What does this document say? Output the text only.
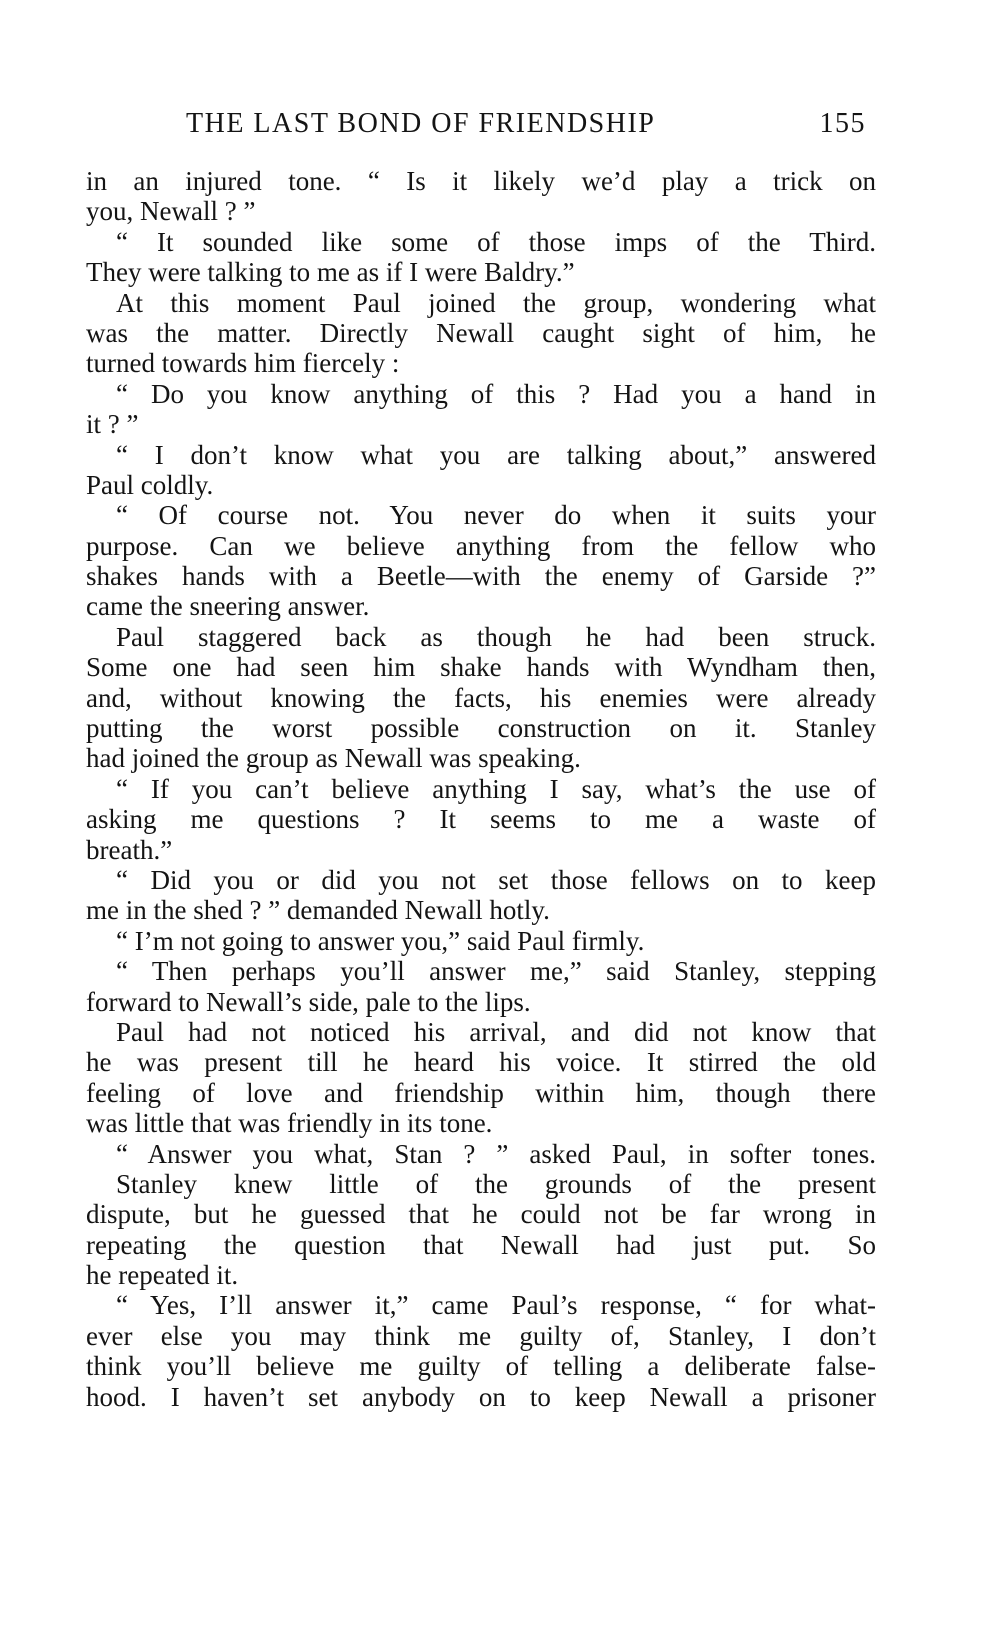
THE LAST BOND OF FRIENDSHIP	155
in an injured tone. “ Is it likely we’d play a trick on
you, Newall ? ”
“ It sounded like some of those imps of the Third.
They were talking to me as if I were Baldry.”
At this moment Paul joined the group, wondering what
was the matter. Directly Newall caught sight of him, he
turned towards him fiercely :
“ Do you know anything of this ? Had you a hand in
it ? ”
“ I don’t know what you are talking about,” answered
Paul coldly.
“ Of course not. You never do when it suits your
purpose. Can we believe anything from the fellow who
shakes hands with a Beetle—with the enemy of Garside ?”
came the sneering answer.
Paul staggered back as though he had been struck.
Some one had seen him shake hands with Wyndham then,
and, without knowing the facts, his enemies were already
putting the worst possible construction on it. Stanley
had joined the group as Newall was speaking.
“ If you can’t believe anything I say, what’s the use of
asking me questions ? It seems to me a waste of
breath.”
“ Did you or did you not set those fellows on to keep
me in the shed ? ” demanded Newall hotly.
“ I’m not going to answer you,” said Paul firmly.
“ Then perhaps you’ll answer me,” said Stanley, stepping
forward to Newall’s side, pale to the lips.
Paul had not noticed his arrival, and did not know that
he was present till he heard his voice. It stirred the old
feeling of love and friendship within him, though there
was little that was friendly in its tone.
“ Answer you what, Stan ? ” asked Paul, in softer tones.
Stanley knew little of the grounds of the present
dispute, but he guessed that he could not be far wrong in
repeating the question that Newall had just put. So
he repeated it.
“ Yes, I’ll answer it,” came Paul’s response, “ for what-
ever else you may think me guilty of, Stanley, I don’t
think you’ll believe me guilty of telling a deliberate false-
hood. I haven’t set anybody on to keep Newall a prisoner
